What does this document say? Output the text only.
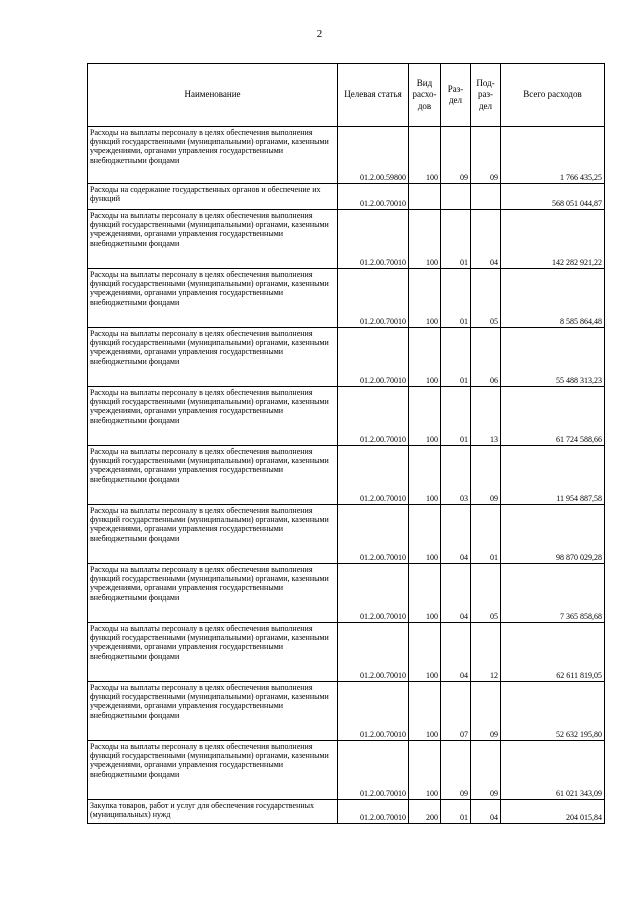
2
Наименование	Целевая статья	Вид расхо-дов	Раз-дел	Под-раз-дел	Всего расходов
Расходы на выплаты персоналу в целях обеспечения выполнения функций государственными (муниципальными) органами, казенными учреждениями, органами управления государственными внебюджетными фондами	01.2.00.59800	100	09	09	1 766 435,25
Расходы на содержание государственных органов и обеспечение их функций	01.2.00.70010				568 051 044,87
Расходы на выплаты персоналу в целях обеспечения выполнения функций государственными (муниципальными) органами, казенными учреждениями, органами управления государственными внебюджетными фондами	01.2.00.70010	100	01	04	142 282 921,22
Расходы на выплаты персоналу в целях обеспечения выполнения функций государственными (муниципальными) органами, казенными учреждениями, органами управления государственными внебюджетными фондами	01.2.00.70010	100	01	05	8 585 864,48
Расходы на выплаты персоналу в целях обеспечения выполнения функций государственными (муниципальными) органами, казенными учреждениями, органами управления государственными внебюджетными фондами	01.2.00.70010	100	01	06	55 488 313,23
Расходы на выплаты персоналу в целях обеспечения выполнения функций государственными (муниципальными) органами, казенными учреждениями, органами управления государственными внебюджетными фондами	01.2.00.70010	100	01	13	61 724 588,66
Расходы на выплаты персоналу в целях обеспечения выполнения функций государственными (муниципальными) органами, казенными учреждениями, органами управления государственными внебюджетными фондами	01.2.00.70010	100	03	09	11 954 887,58
Расходы на выплаты персоналу в целях обеспечения выполнения функций государственными (муниципальными) органами, казенными учреждениями, органами управления государственными внебюджетными фондами	01.2.00.70010	100	04	01	98 870 029,28
Расходы на выплаты персоналу в целях обеспечения выполнения функций государственными (муниципальными) органами, казенными учреждениями, органами управления государственными внебюджетными фондами	01.2.00.70010	100	04	05	7 365 858,68
Расходы на выплаты персоналу в целях обеспечения выполнения функций государственными (муниципальными) органами, казенными учреждениями, органами управления государственными внебюджетными фондами	01.2.00.70010	100	04	12	62 611 819,05
Расходы на выплаты персоналу в целях обеспечения выполнения функций государственными (муниципальными) органами, казенными учреждениями, органами управления государственными внебюджетными фондами	01.2.00.70010	100	07	09	52 632 195,80
Расходы на выплаты персоналу в целях обеспечения выполнения функций государственными (муниципальными) органами, казенными учреждениями, органами управления государственными внебюджетными фондами	01.2.00.70010	100	09	09	61 021 343,09
Закупка товаров, работ и услуг для обеспечения государственных (муниципальных) нужд	01.2.00.70010	200	01	04	204 015,84
